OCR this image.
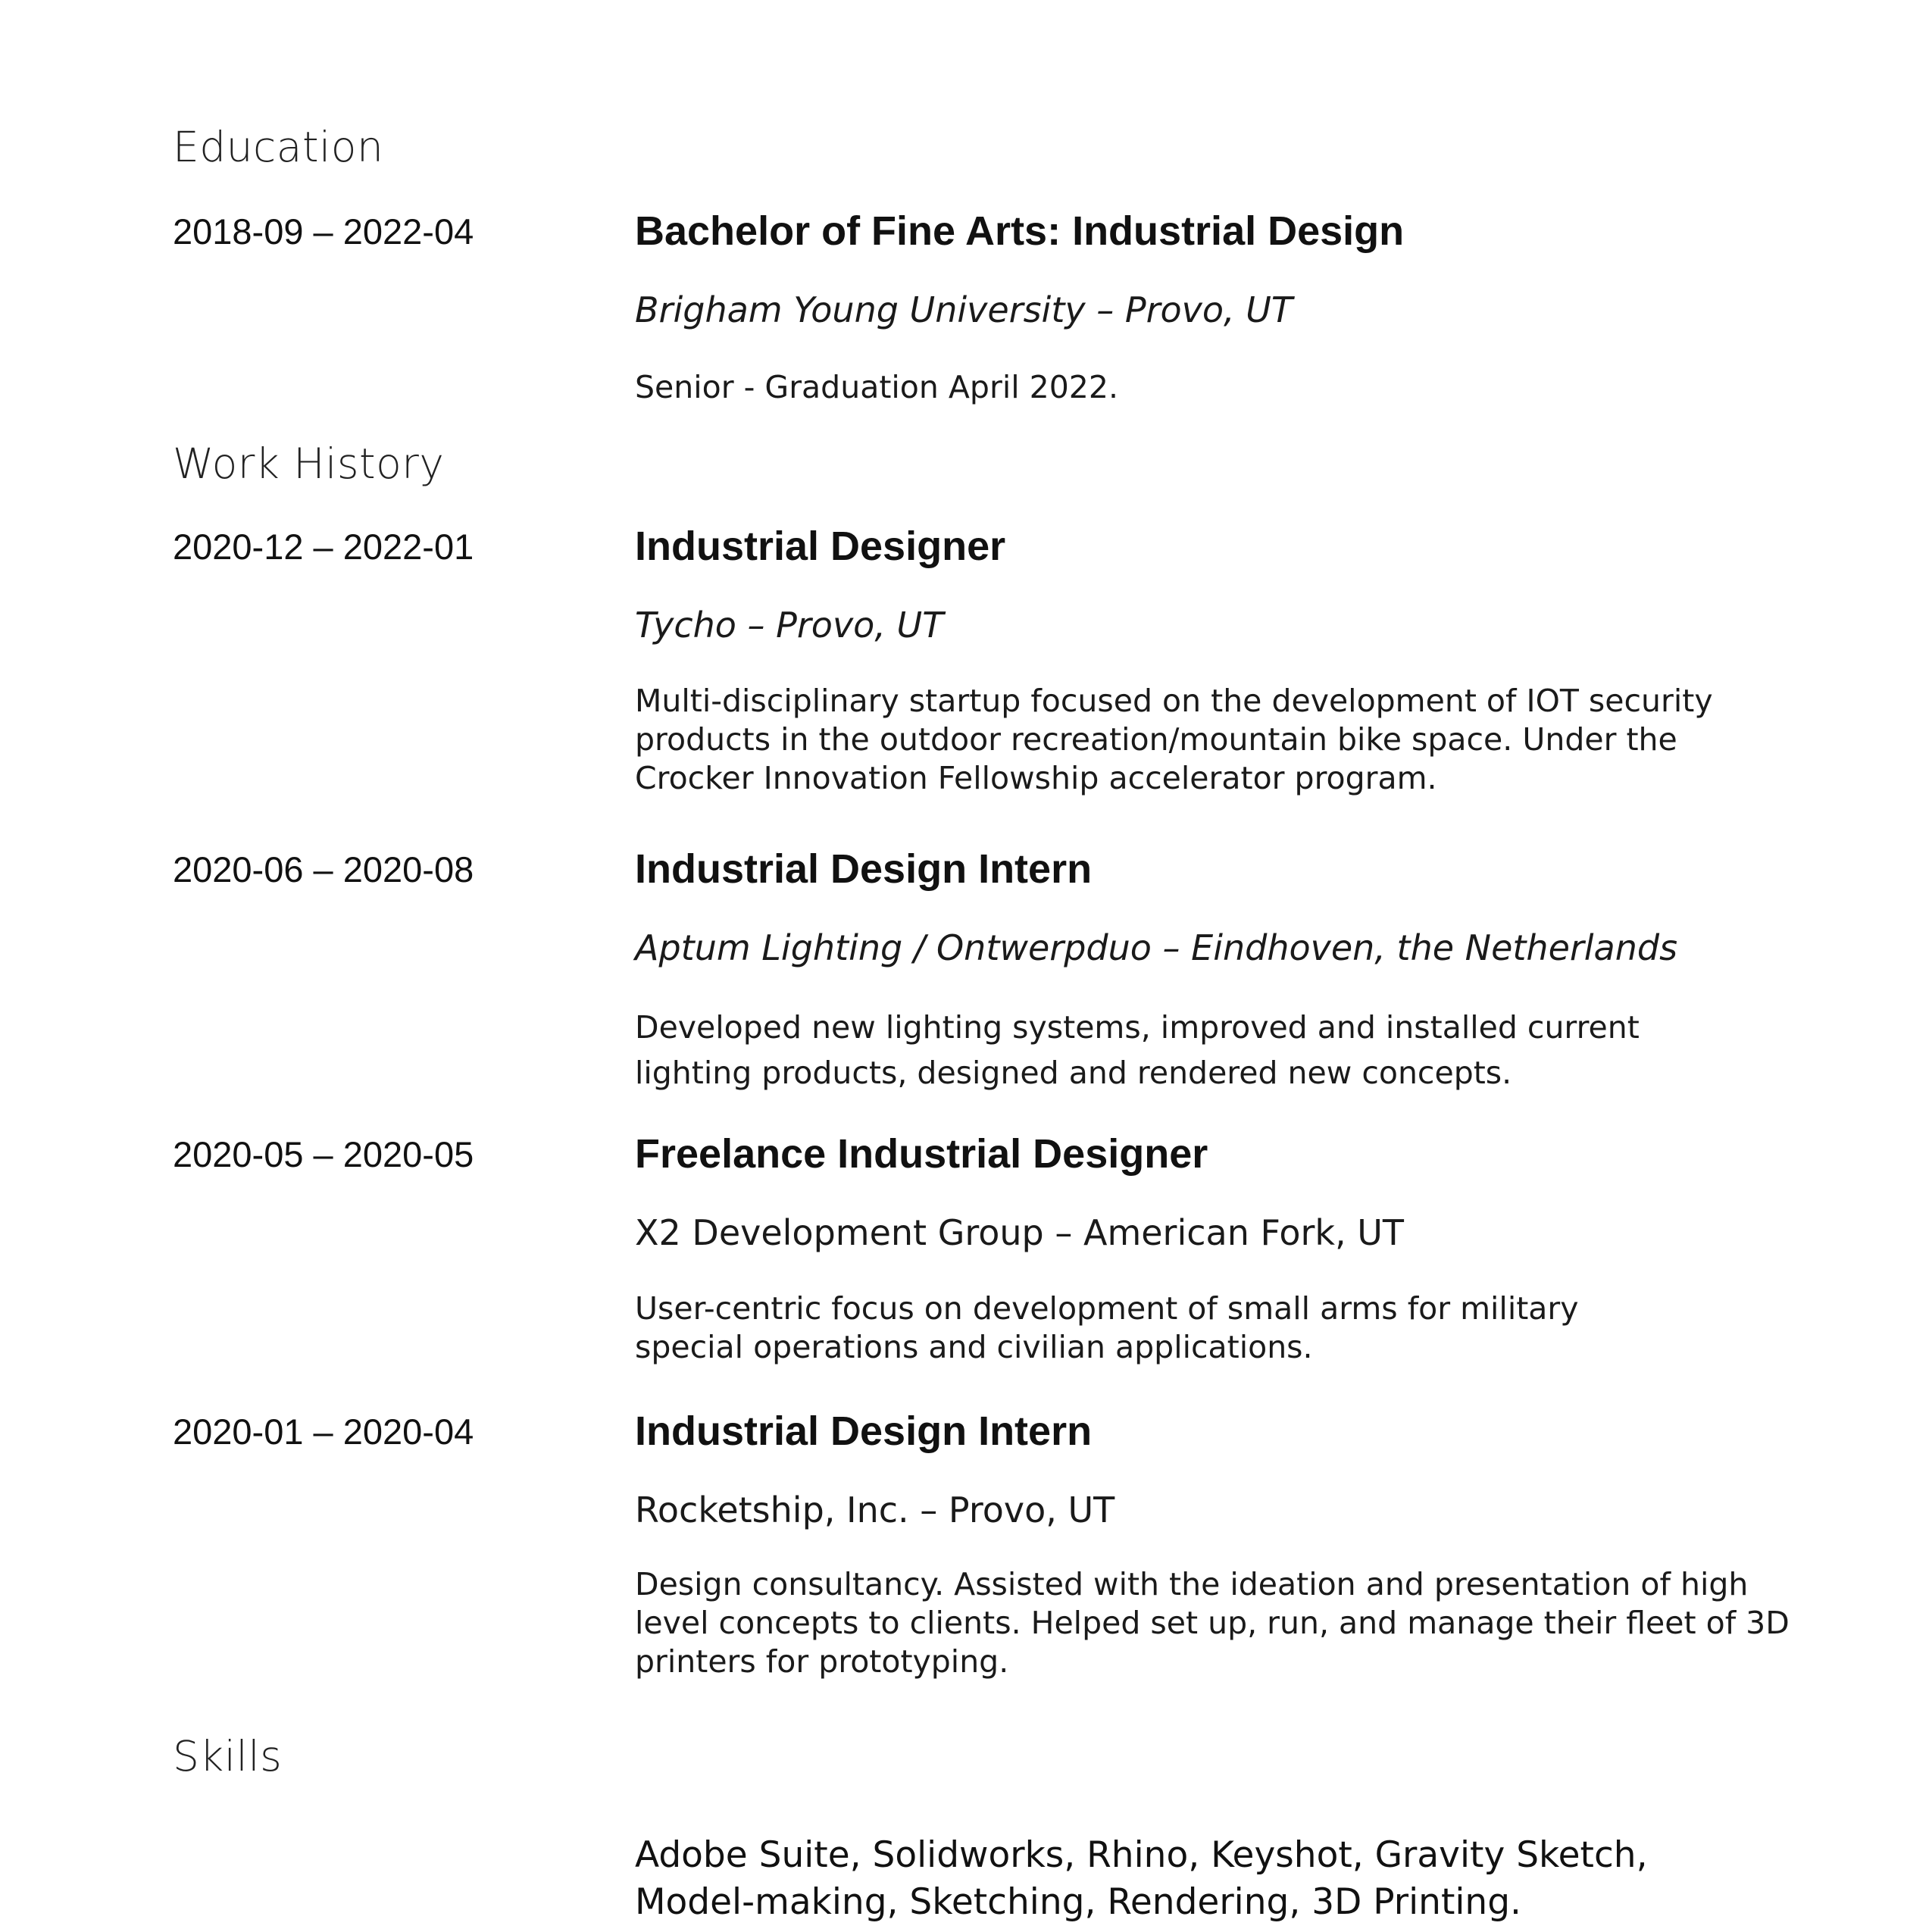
Education
2018-09 – 2022-04	Bachelor of Fine Arts: Industrial Design
Brigham Young University – Provo, UT
Senior - Graduation April 2022.
Work History
2020-12 – 2022-01	Industrial Designer
Tycho – Provo, UT
Multi-disciplinary startup focused on the development of IOT security
products in the outdoor recreation/mountain bike space. Under the
Crocker Innovation Fellowship accelerator program.
2020-06 – 2020-08	Industrial Design Intern
Aptum Lighting / Ontwerpduo – Eindhoven, the Netherlands
Developed new lighting systems, improved and installed current
lighting products, designed and rendered new concepts.
2020-05 – 2020-05	Freelance Industrial Designer
X2 Development Group – American Fork, UT
User-centric focus on development of small arms for military
special operations and civilian applications.
2020-01 – 2020-04	Industrial Design Intern
Rocketship, Inc. – Provo, UT
Design consultancy. Assisted with the ideation and presentation of high
level concepts to clients. Helped set up, run, and manage their fleet of 3D
printers for prototyping.
Skills
Adobe Suite, Solidworks, Rhino, Keyshot, Gravity Sketch,
Model-making, Sketching, Rendering, 3D Printing.
